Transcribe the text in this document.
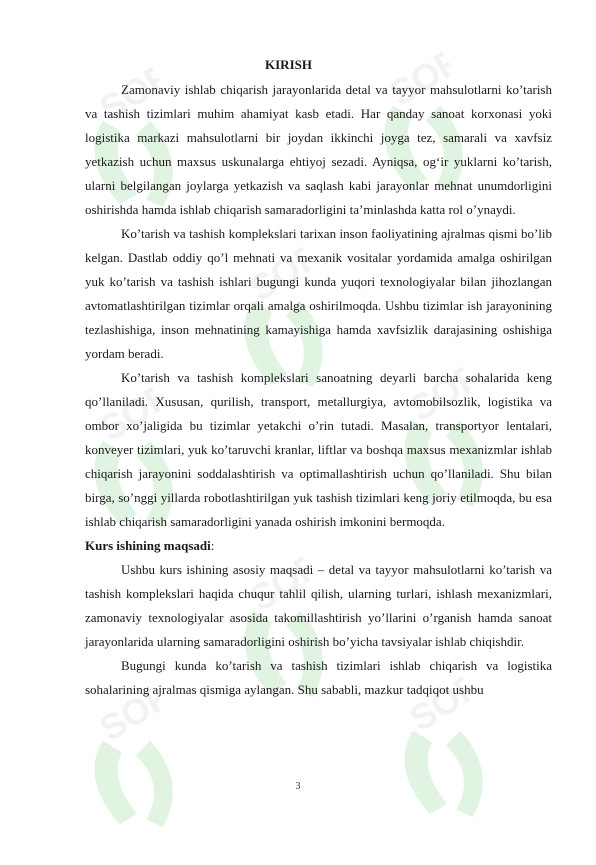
SOF	SOF
SOF
SOF	SOF
SOF
SOF	SOF
KIRISH

Zamonaviy ishlab chiqarish jarayonlarida detal va tayyor mahsulotlarni ko’tarish va tashish tizimlari muhim ahamiyat kasb etadi. Har qanday sanoat korxonasi yoki logistika markazi mahsulotlarni bir joydan ikkinchi joyga tez, samarali va xavfsiz yetkazish uchun maxsus uskunalarga ehtiyoj sezadi. Ayniqsa, og‘ir yuklarni ko’tarish, ularni belgilangan joylarga yetkazish va saqlash kabi jarayonlar mehnat unumdorligini oshirishda hamda ishlab chiqarish samaradorligini ta’minlashda katta rol o’ynaydi.

Ko’tarish va tashish komplekslari tarixan inson faoliyatining ajralmas qismi bo’lib kelgan. Dastlab oddiy qo’l mehnati va mexanik vositalar yordamida amalga oshirilgan yuk ko’tarish va tashish ishlari bugungi kunda yuqori texnologiyalar bilan jihozlangan avtomatlashtirilgan tizimlar orqali amalga oshirilmoqda. Ushbu tizimlar ish jarayonining tezlashishiga, inson mehnatining kamayishiga hamda xavfsizlik darajasining oshishiga yordam beradi.

Ko’tarish va tashish komplekslari sanoatning deyarli barcha sohalarida keng qo’llaniladi. Xususan, qurilish, transport, metallurgiya, avtomobilsozlik, logistika va ombor xo’jaligida bu tizimlar yetakchi o’rin tutadi. Masalan, transportyor lentalari, konveyer tizimlari, yuk ko’taruvchi kranlar, liftlar va boshqa maxsus mexanizmlar ishlab chiqarish jarayonini soddalashtirish va optimallashtirish uchun qo’llaniladi. Shu bilan birga, so’nggi yillarda robotlashtirilgan yuk tashish tizimlari keng joriy etilmoqda, bu esa ishlab chiqarish samaradorligini yanada oshirish imkonini bermoqda.

Kurs ishining maqsadi:

Ushbu kurs ishining asosiy maqsadi – detal va tayyor mahsulotlarni ko’tarish va tashish komplekslari haqida chuqur tahlil qilish, ularning turlari, ishlash mexanizmlari, zamonaviy texnologiyalar asosida takomillashtirish yo’llarini o’rganish hamda sanoat jarayonlarida ularning samaradorligini oshirish bo’yicha tavsiyalar ishlab chiqishdir.

Bugungi kunda ko’tarish va tashish tizimlari ishlab chiqarish va logistika sohalarining ajralmas qismiga aylangan. Shu sababli, mazkur tadqiqot ushbu

3
